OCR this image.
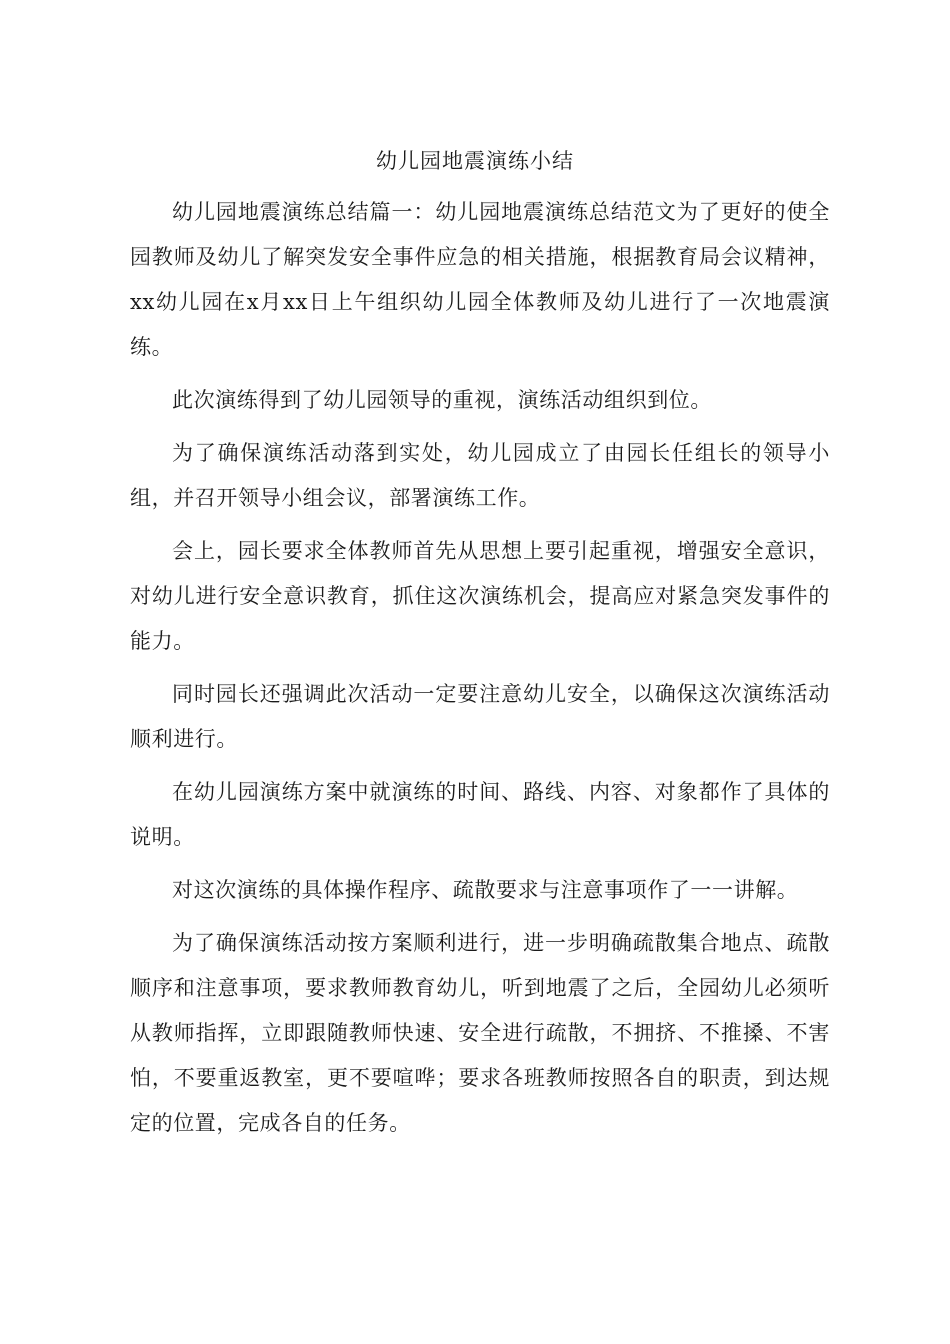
幼儿园地震演练小结

幼儿园地震演练总结篇一：幼儿园地震演练总结范文为了更好的使全园教师及幼儿了解突发安全事件应急的相关措施，根据教育局会议精神，xx幼儿园在x月xx日上午组织幼儿园全体教师及幼儿进行了一次地震演练。

此次演练得到了幼儿园领导的重视，演练活动组织到位。

为了确保演练活动落到实处，幼儿园成立了由园长任组长的领导小组，并召开领导小组会议，部署演练工作。

会上，园长要求全体教师首先从思想上要引起重视，增强安全意识，对幼儿进行安全意识教育，抓住这次演练机会，提高应对紧急突发事件的能力。

同时园长还强调此次活动一定要注意幼儿安全，以确保这次演练活动顺利进行。

在幼儿园演练方案中就演练的时间、路线、内容、对象都作了具体的说明。

对这次演练的具体操作程序、疏散要求与注意事项作了一一讲解。

为了确保演练活动按方案顺利进行，进一步明确疏散集合地点、疏散顺序和注意事项，要求教师教育幼儿，听到地震了之后，全园幼儿必须听从教师指挥，立即跟随教师快速、安全进行疏散，不拥挤、不推搡、不害怕，不要重返教室，更不要喧哗；要求各班教师按照各自的职责，到达规定的位置，完成各自的任务。
